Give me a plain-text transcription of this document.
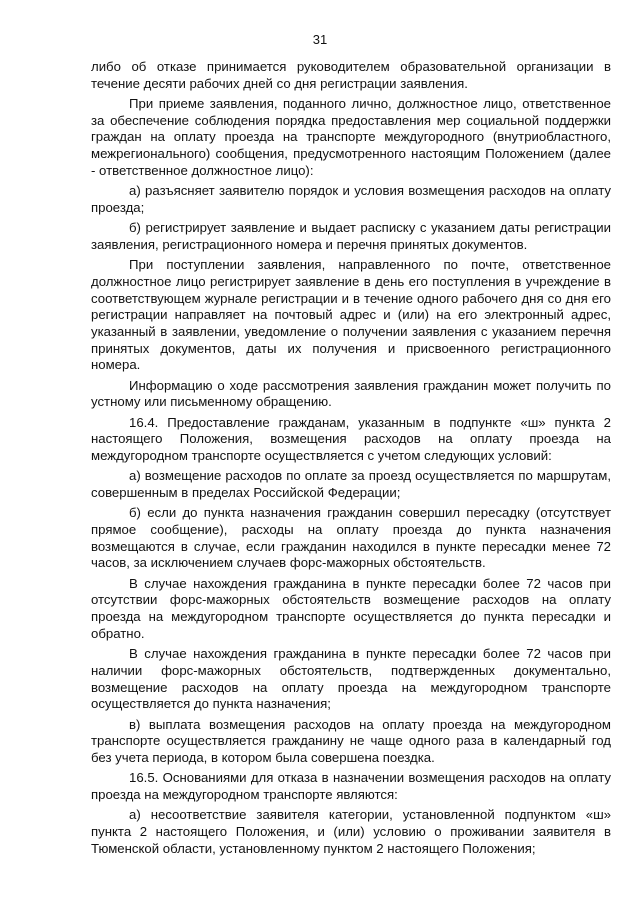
31

либо об отказе принимается руководителем образовательной организации в течение десяти рабочих дней со дня регистрации заявления.

При приеме заявления, поданного лично, должностное лицо, ответственное за обеспечение соблюдения порядка предоставления мер социальной поддержки граждан на оплату проезда на транспорте междугородного (внутриобластного, межрегионального) сообщения, предусмотренного настоящим Положением (далее - ответственное должностное лицо):

а) разъясняет заявителю порядок и условия возмещения расходов на оплату проезда;

б) регистрирует заявление и выдает расписку с указанием даты регистрации заявления, регистрационного номера и перечня принятых документов.

При поступлении заявления, направленного по почте, ответственное должностное лицо регистрирует заявление в день его поступления в учреждение в соответствующем журнале регистрации и в течение одного рабочего дня со дня его регистрации направляет на почтовый адрес и (или) на его электронный адрес, указанный в заявлении, уведомление о получении заявления с указанием перечня принятых документов, даты их получения и присвоенного регистрационного номера.

Информацию о ходе рассмотрения заявления гражданин может получить по устному или письменному обращению.

16.4. Предоставление гражданам, указанным в подпункте «ш» пункта 2 настоящего Положения, возмещения расходов на оплату проезда на междугородном транспорте осуществляется с учетом следующих условий:

а) возмещение расходов по оплате за проезд осуществляется по маршрутам, совершенным в пределах Российской Федерации;

б) если до пункта назначения гражданин совершил пересадку (отсутствует прямое сообщение), расходы на оплату проезда до пункта назначения возмещаются в случае, если гражданин находился в пункте пересадки менее 72 часов, за исключением случаев форс-мажорных обстоятельств.

В случае нахождения гражданина в пункте пересадки более 72 часов при отсутствии форс-мажорных обстоятельств возмещение расходов на оплату проезда на междугородном транспорте осуществляется до пункта пересадки и обратно.

В случае нахождения гражданина в пункте пересадки более 72 часов при наличии форс-мажорных обстоятельств, подтвержденных документально, возмещение расходов на оплату проезда на междугородном транспорте осуществляется до пункта назначения;

в) выплата возмещения расходов на оплату проезда на междугородном транспорте осуществляется гражданину не чаще одного раза в календарный год без учета периода, в котором была совершена поездка.

16.5. Основаниями для отказа в назначении возмещения расходов на оплату проезда на междугородном транспорте являются:

а) несоответствие заявителя категории, установленной подпунктом «ш» пункта 2 настоящего Положения, и (или) условию о проживании заявителя в Тюменской области, установленному пунктом 2 настоящего Положения;
